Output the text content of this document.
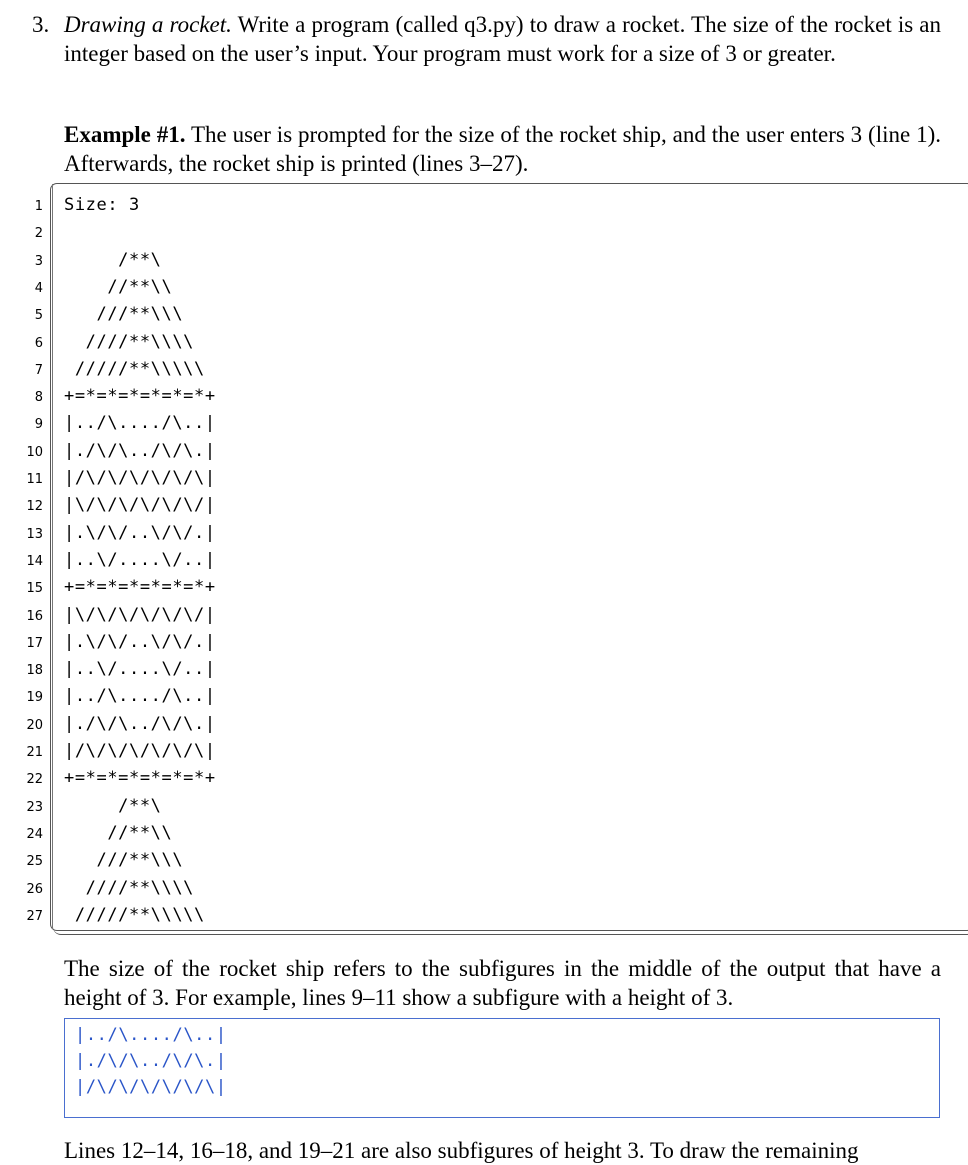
3. Drawing a rocket. Write a program (called q3.py) to draw a rocket. The size of the rocket is an integer based on the user’s input. Your program must work for a size of 3 or greater.
Example #1. The user is prompted for the size of the rocket ship, and the user enters 3 (line 1). Afterwards, the rocket ship is printed (lines 3–27).
1 Size: 3
2
3 /**\
4 //**\\
5 ///**\\\
6 ////**\\\\
7 /////**\\\\\
8 +=*=*=*=*=*=*+
9 |../\..../\..|
10 |./\/\../\/\.|
11 |/\/\/\/\/\/\|
12 |\/\/\/\/\/\/|
13 |.\/\/..\/\/.|
14 |..\/....\/..|
15 +=*=*=*=*=*=*+
16 |\/\/\/\/\/\/|
17 |.\/\/..\/\/.|
18 |..\/....\/..|
19 |../\..../\..|
20 |./\/\../\/\.|
21 |/\/\/\/\/\/\|
22 +=*=*=*=*=*=*+
23 /**\
24 //**\\
25 ///**\\\
26 ////**\\\\
27 /////**\\\\\
The size of the rocket ship refers to the subfigures in the middle of the output that have a height of 3. For example, lines 9–11 show a subfigure with a height of 3.
|../\..../\..|
|./\/\../\/\.|
|/\/\/\/\/\/\|
Lines 12–14, 16–18, and 19–21 are also subfigures of height 3. To draw the remaining
